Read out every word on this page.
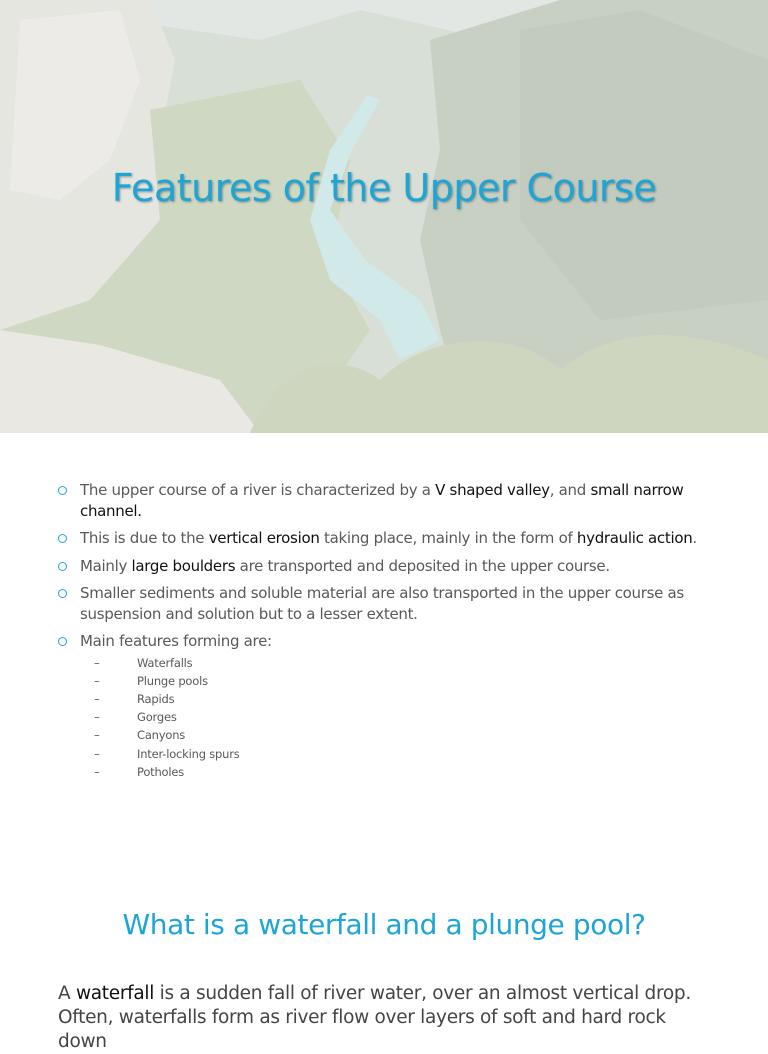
Features of the Upper Course
The upper course of a river is characterized by a V shaped valley, and small narrow channel.
This is due to the vertical erosion taking place, mainly in the form of hydraulic action.
Mainly large boulders are transported and deposited in the upper course.
Smaller sediments and soluble material are also transported in the upper course as suspension and solution but to a lesser extent.
Main features forming are:
–	Waterfalls
–	Plunge pools
–	Rapids
–	Gorges
–	Canyons
–	Inter-locking spurs
–	Potholes
What is a waterfall and a plunge pool?
A waterfall is a sudden fall of river water, over an almost vertical drop. Often, waterfalls form as river flow over layers of soft and hard rock down
